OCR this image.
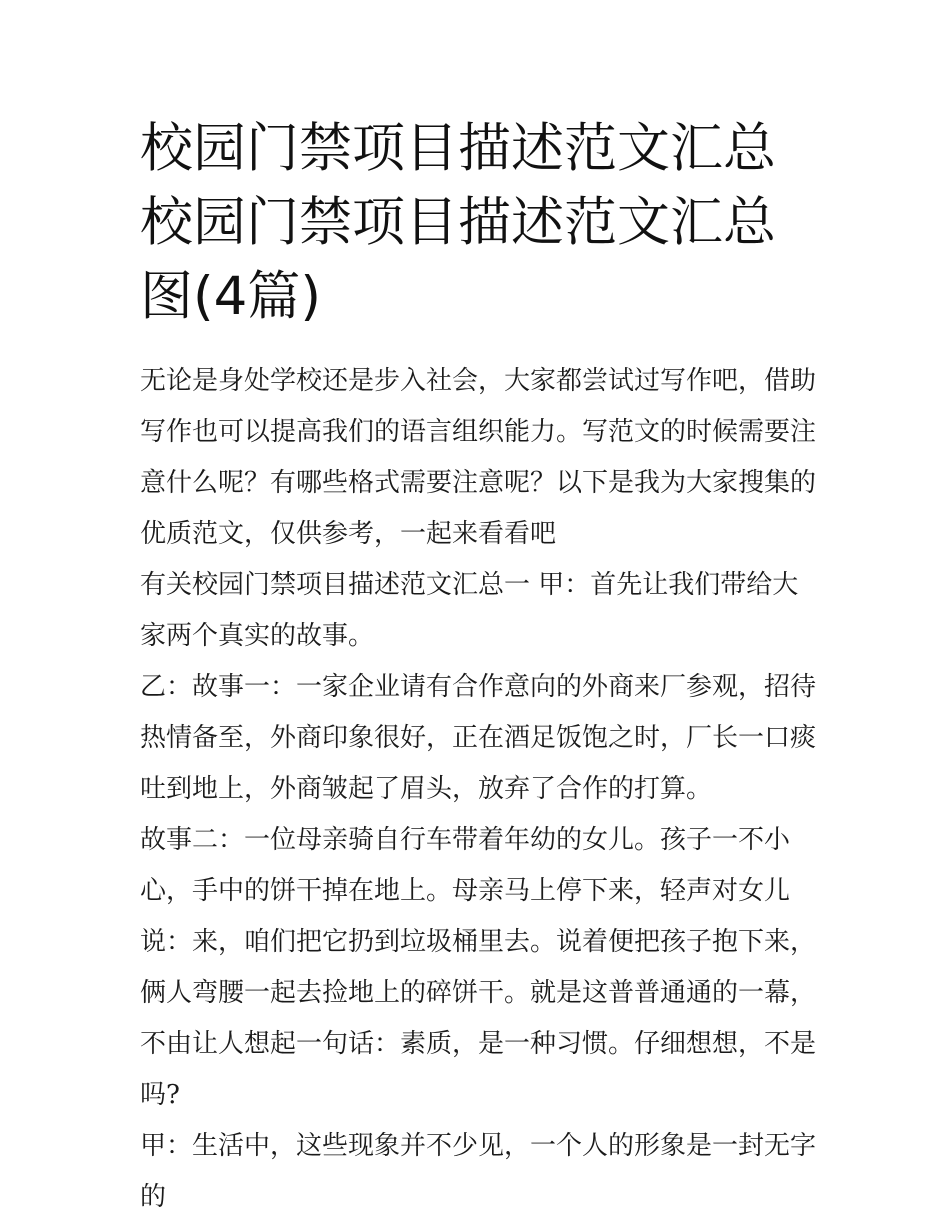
校园门禁项目描述范文汇总 校园门禁项目描述范文汇总图(4篇)

无论是身处学校还是步入社会，大家都尝试过写作吧，借助写作也可以提高我们的语言组织能力。写范文的时候需要注意什么呢？有哪些格式需要注意呢？以下是我为大家搜集的优质范文，仅供参考，一起来看看吧

有关校园门禁项目描述范文汇总一 甲：首先让我们带给大家两个真实的故事。

乙：故事一：一家企业请有合作意向的外商来厂参观，招待热情备至，外商印象很好，正在酒足饭饱之时，厂长一口痰吐到地上，外商皱起了眉头，放弃了合作的打算。

故事二：一位母亲骑自行车带着年幼的女儿。孩子一不小心，手中的饼干掉在地上。母亲马上停下来，轻声对女儿说：来，咱们把它扔到垃圾桶里去。说着便把孩子抱下来，俩人弯腰一起去捡地上的碎饼干。就是这普普通通的一幕，不由让人想起一句话：素质，是一种习惯。仔细想想，不是吗?

甲：生活中，这些现象并不少见，一个人的形象是一封无字的
